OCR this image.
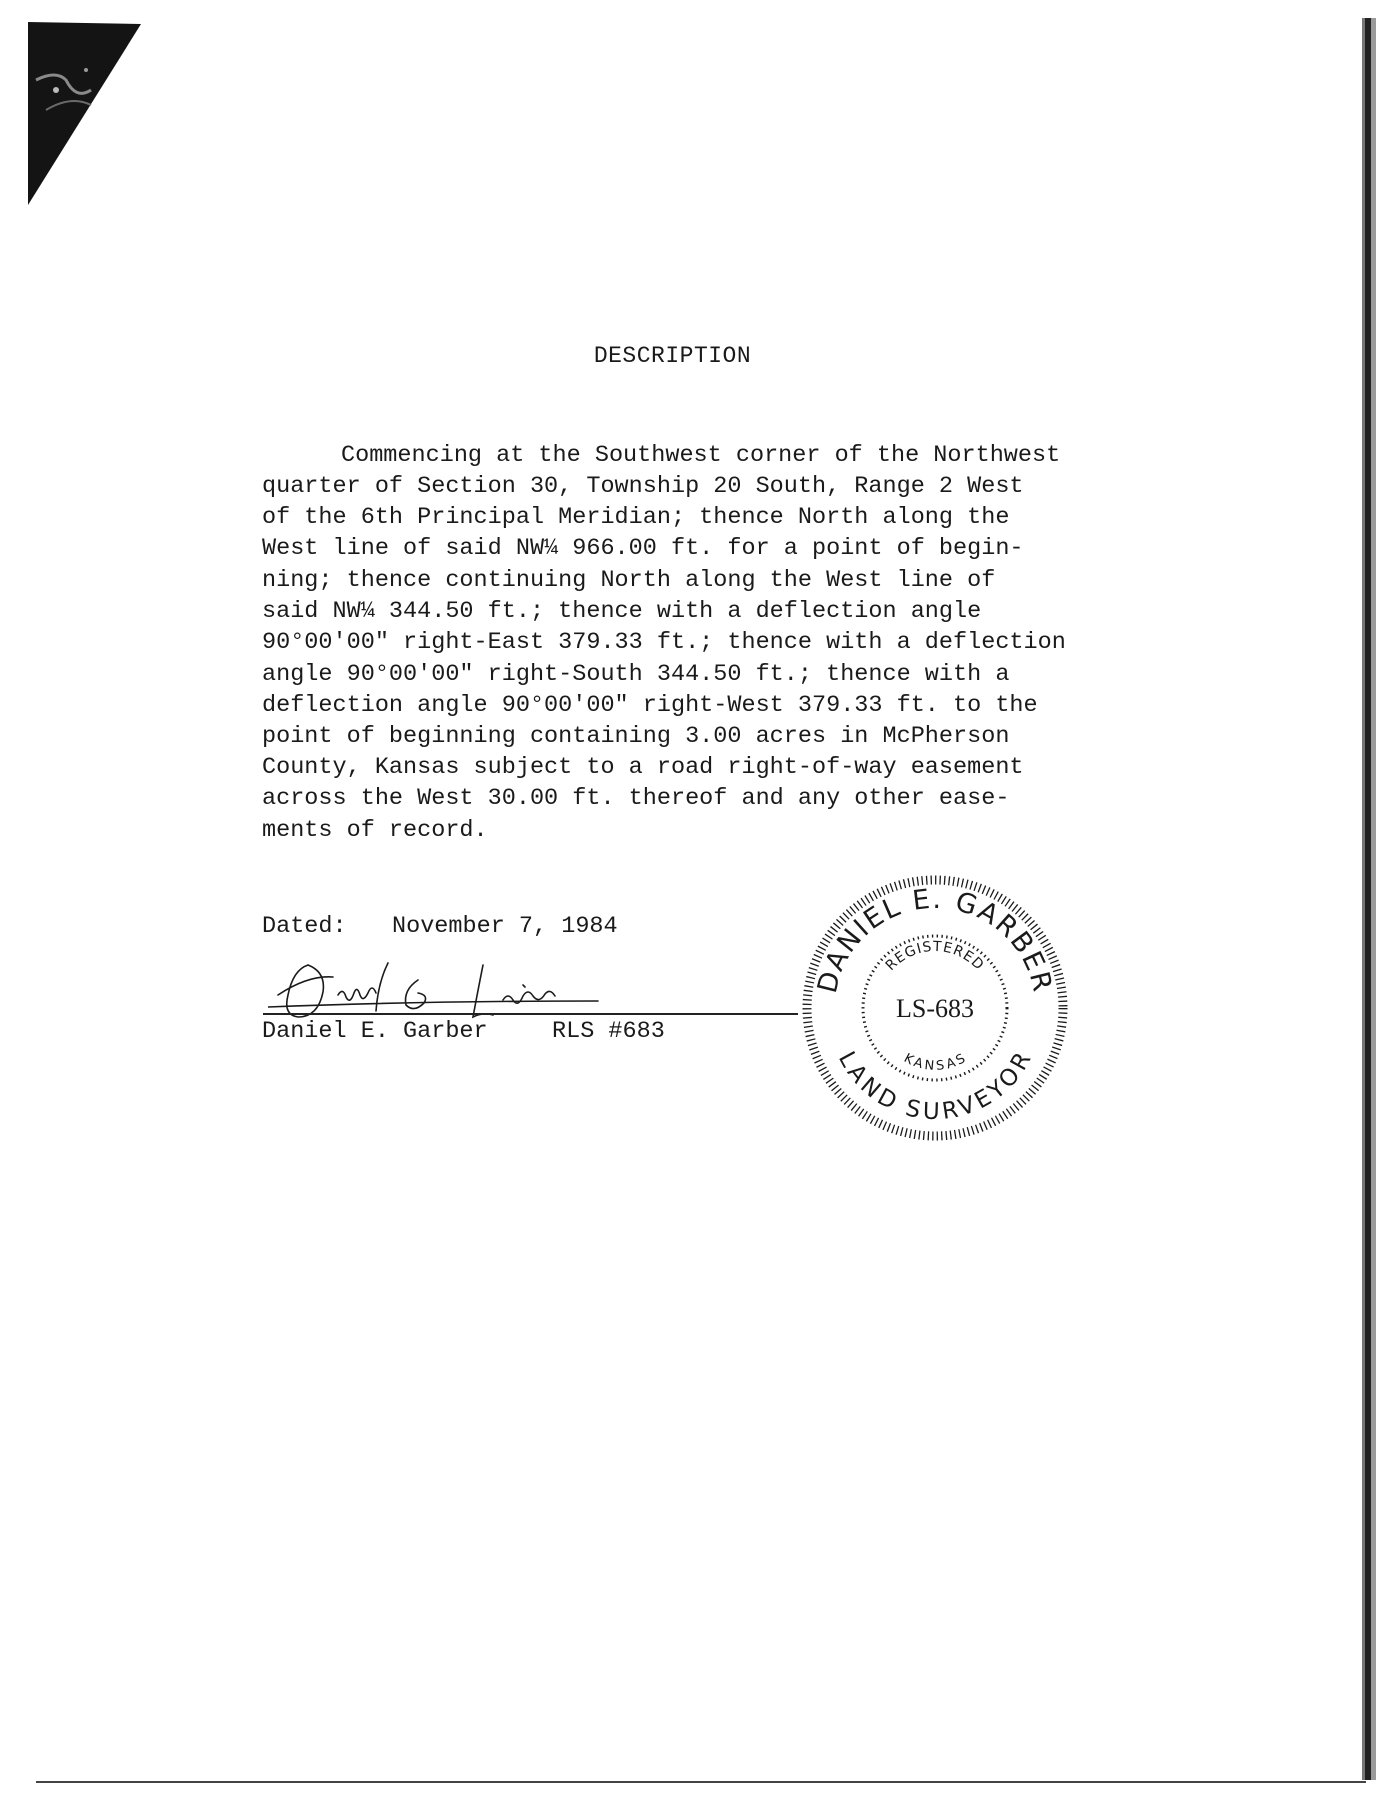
DESCRIPTION
Commencing at the Southwest corner of the Northwest
quarter of Section 30, Township 20 South, Range 2 West
of the 6th Principal Meridian; thence North along the
West line of said NW¼ 966.00 ft. for a point of begin-
ning; thence continuing North along the West line of
said NW¼ 344.50 ft.; thence with a deflection angle
90°00'00" right-East 379.33 ft.; thence with a deflection
angle 90°00'00" right-South 344.50 ft.; thence with a
deflection angle 90°00'00" right-West 379.33 ft. to the
point of beginning containing 3.00 acres in McPherson
County, Kansas subject to a road right-of-way easement
across the West 30.00 ft. thereof and any other ease-
ments of record.
Dated: November 7, 1984
Daniel E. Garber	RLS #683
DANIEL E. GARBER
LAND SURVEYOR
REGISTERED
KANSAS
LS-683
